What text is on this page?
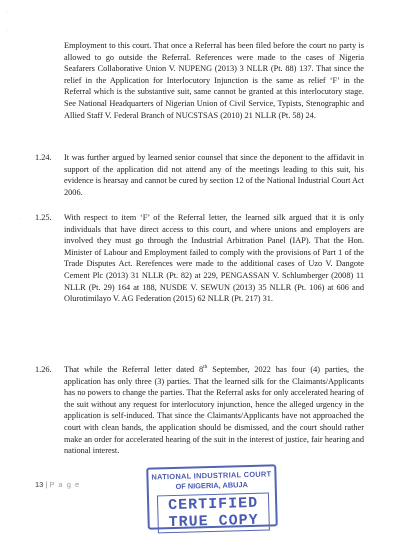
·
·
·

Employment to this court. That once a Referral has been filed before the court no party is allowed to go outside the Referral. References were made to the cases of Nigeria Seafarers Collaborative Union V. NUPENG (2013) 3 NLLR (Pt. 88) 137. That since the relief in the Application for Interlocutory Injunction is the same as relief ‘F’ in the Referral which is the substantive suit, same cannot be granted at this interlocutory stage. See National Headquarters of Nigerian Union of Civil Service, Typists, Stenographic and Allied Staff V. Federal Branch of NUCSTSAS (2010) 21 NLLR (Pt. 58) 24.

1.24. It was further argued by learned senior counsel that since the deponent to the affidavit in support of the application did not attend any of the meetings leading to this suit, his evidence is hearsay and cannot be cured by section 12 of the National Industrial Court Act 2006.

1.25. With respect to item ‘F’ of the Referral letter, the learned silk argued that it is only individuals that have direct access to this court, and where unions and employers are involved they must go through the Industrial Arbitration Panel (IAP). That the Hon. Minister of Labour and Employment failed to comply with the provisions of Part 1 of the Trade Disputes Act. Rerefences were made to the additional cases of Uzo V. Dangote Cement Plc (2013) 31 NLLR (Pt. 82) at 229, PENGASSAN V. Schlumberger (2008) 11 NLLR (Pt. 29) 164 at 188, NUSDE V. SEWUN (2013) 35 NLLR (Pt. 106) at 606 and Olurotimilayo V. AG Federation (2015) 62 NLLR (Pt. 217) 31.

1.26. That while the Referral letter dated 8th September, 2022 has four (4) parties, the application has only three (3) parties. That the learned silk for the Claimants/Applicants has no powers to change the parties. That the Referral asks for only accelerated hearing of the suit without any request for interlocutory injunction, hence the alleged urgency in the application is self-induced. That since the Claimants/Applicants have not approached the court with clean hands, the application should be dismissed, and the court should rather make an order for accelerated hearing of the suit in the interest of justice, fair hearing and national interest.

13 | P a g e
NATIONAL INDUSTRIAL COURT
OF NIGERIA, ABUJA
CERTIFIED TRUE COPY
